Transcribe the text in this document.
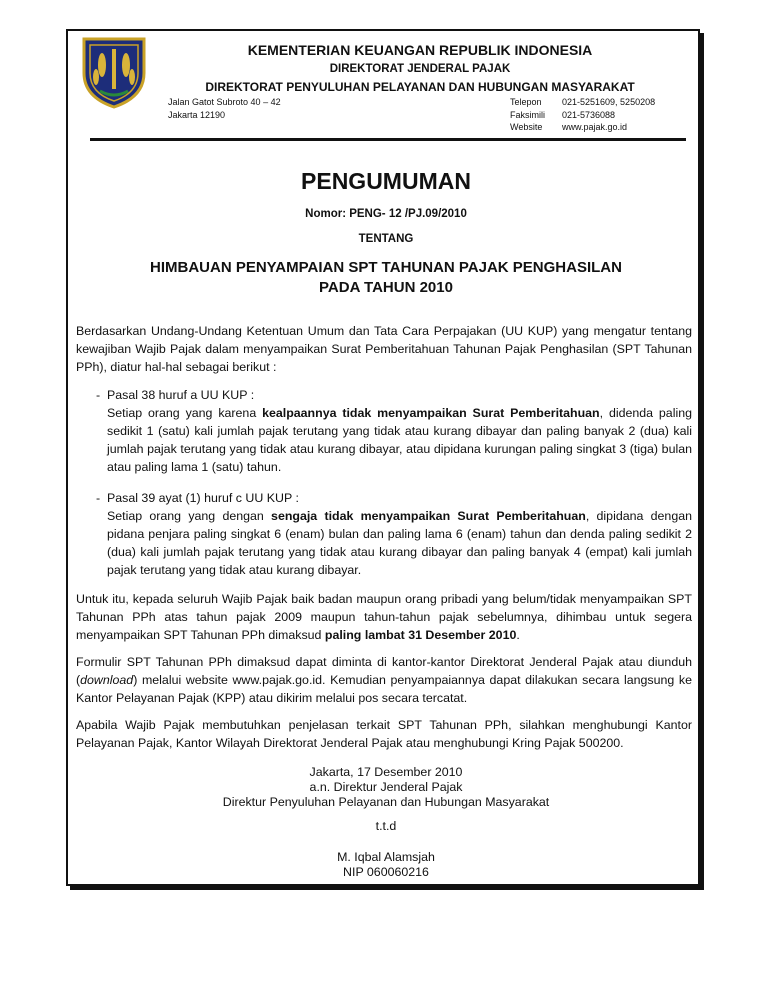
KEMENTERIAN KEUANGAN REPUBLIK INDONESIA
DIREKTORAT JENDERAL PAJAK
DIREKTORAT PENYULUHAN PELAYANAN DAN HUBUNGAN MASYARAKAT
Jalan Gatot Subroto 40 – 42
Jakarta 12190
Telepon 021-5251609, 5250208
Faksimili 021-5736088
Website www.pajak.go.id
PENGUMUMAN
Nomor: PENG- 12 /PJ.09/2010
TENTANG
HIMBAUAN PENYAMPAIAN SPT TAHUNAN PAJAK PENGHASILAN
PADA TAHUN 2010
Berdasarkan Undang-Undang Ketentuan Umum dan Tata Cara Perpajakan (UU KUP) yang mengatur tentang kewajiban Wajib Pajak dalam menyampaikan Surat Pemberitahuan Tahunan Pajak Penghasilan (SPT Tahunan PPh), diatur hal-hal sebagai berikut :
- Pasal 38 huruf a UU KUP :
Setiap orang yang karena kealpaannya tidak menyampaikan Surat Pemberitahuan, didenda paling sedikit 1 (satu) kali jumlah pajak terutang yang tidak atau kurang dibayar dan paling banyak 2 (dua) kali jumlah pajak terutang yang tidak atau kurang dibayar, atau dipidana kurungan paling singkat 3 (tiga) bulan atau paling lama 1 (satu) tahun.
- Pasal 39 ayat (1) huruf c UU KUP :
Setiap orang yang dengan sengaja tidak menyampaikan Surat Pemberitahuan, dipidana dengan pidana penjara paling singkat 6 (enam) bulan dan paling lama 6 (enam) tahun dan denda paling sedikit 2 (dua) kali jumlah pajak terutang yang tidak atau kurang dibayar dan paling banyak 4 (empat) kali jumlah pajak terutang yang tidak atau kurang dibayar.
Untuk itu, kepada seluruh Wajib Pajak baik badan maupun orang pribadi yang belum/tidak menyampaikan SPT Tahunan PPh atas tahun pajak 2009 maupun tahun-tahun pajak sebelumnya, dihimbau untuk segera menyampaikan SPT Tahunan PPh dimaksud paling lambat 31 Desember 2010.
Formulir SPT Tahunan PPh dimaksud dapat diminta di kantor-kantor Direktorat Jenderal Pajak atau diunduh (download) melalui website www.pajak.go.id. Kemudian penyampaiannya dapat dilakukan secara langsung ke Kantor Pelayanan Pajak (KPP) atau dikirim melalui pos secara tercatat.
Apabila Wajib Pajak membutuhkan penjelasan terkait SPT Tahunan PPh, silahkan menghubungi Kantor Pelayanan Pajak, Kantor Wilayah Direktorat Jenderal Pajak atau menghubungi Kring Pajak 500200.
Jakarta, 17 Desember 2010
a.n. Direktur Jenderal Pajak
Direktur Penyuluhan Pelayanan dan Hubungan Masyarakat
t.t.d
M. Iqbal Alamsjah
NIP 060060216
